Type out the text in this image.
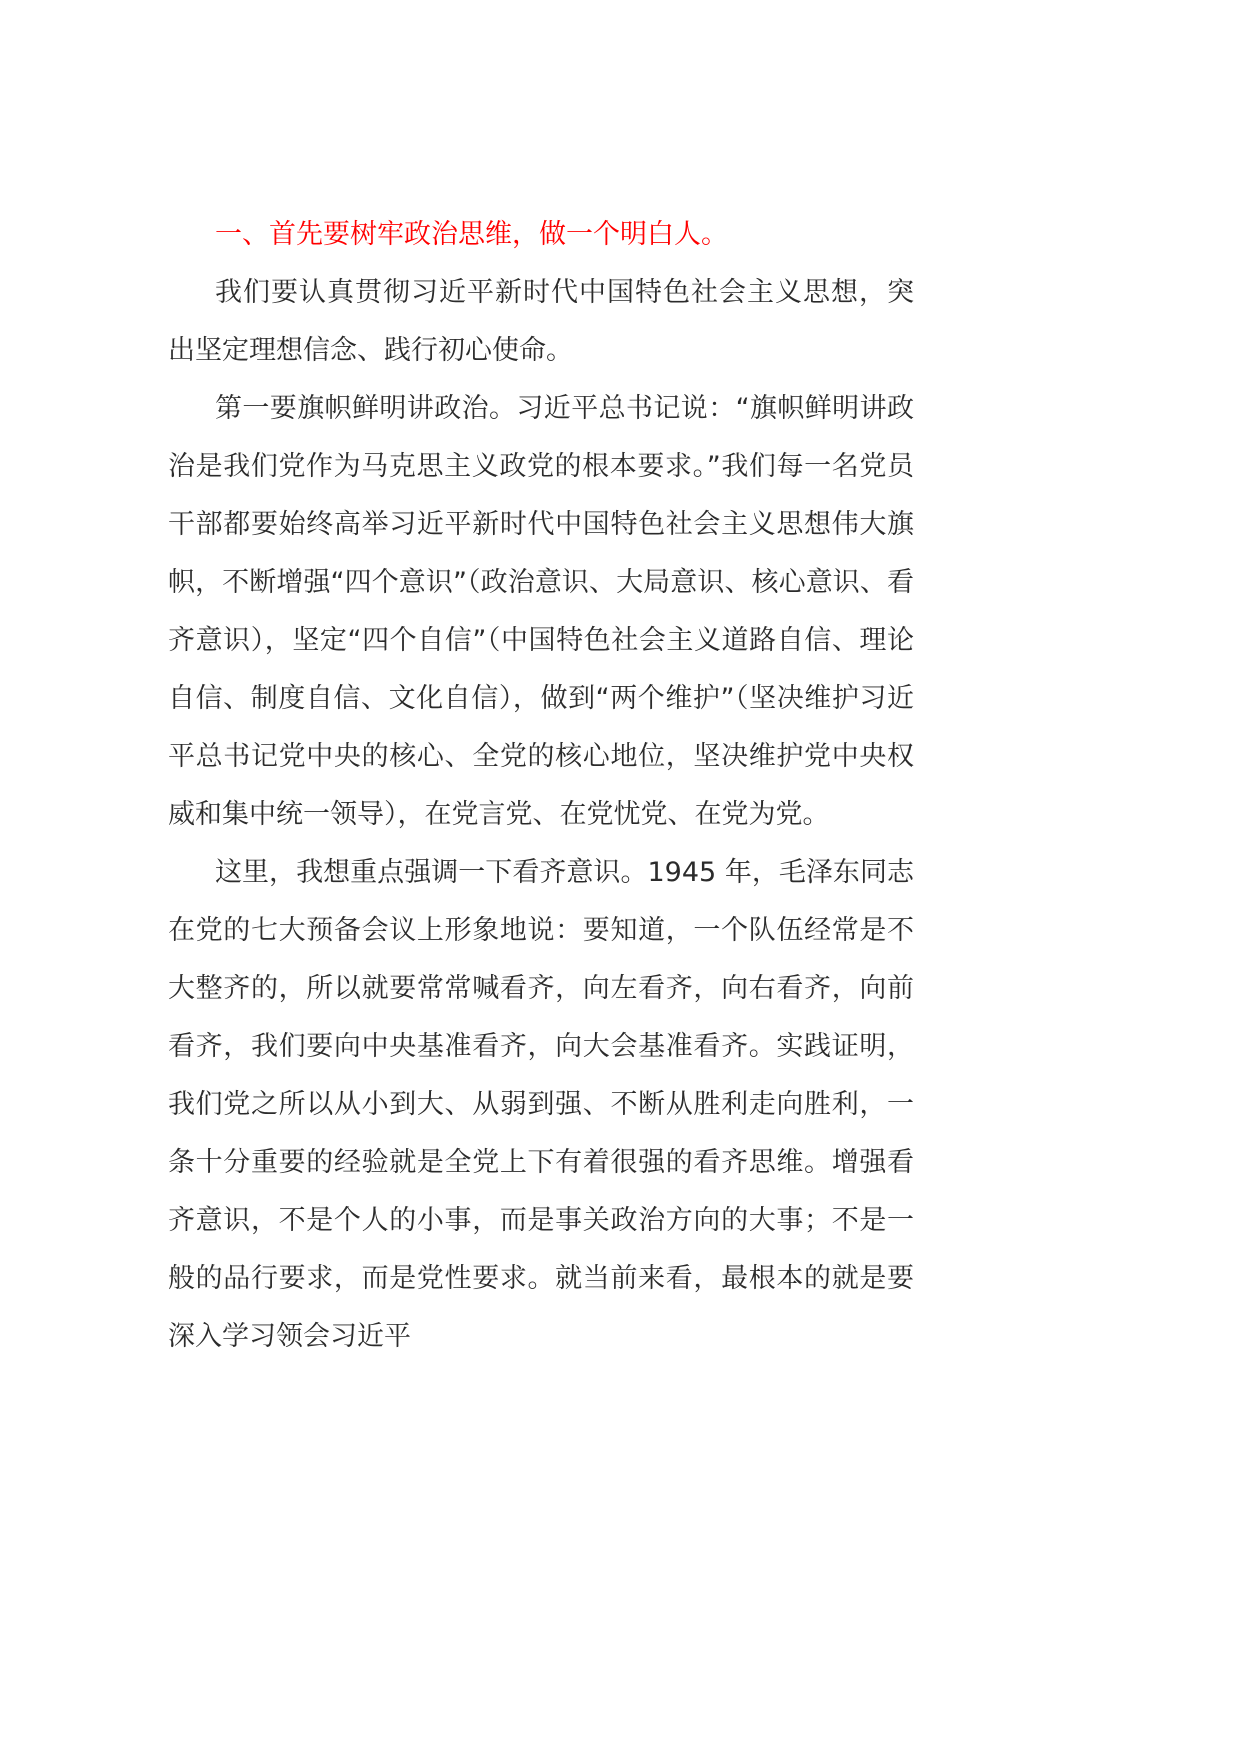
一、首先要树牢政治思维，做一个明白人。

我们要认真贯彻习近平新时代中国特色社会主义思想，突出坚定理想信念、践行初心使命。

第一要旗帜鲜明讲政治。习近平总书记说：“旗帜鲜明讲政治是我们党作为马克思主义政党的根本要求。”我们每一名党员干部都要始终高举习近平新时代中国特色社会主义思想伟大旗帜，不断增强“四个意识”（政治意识、大局意识、核心意识、看齐意识），坚定“四个自信”（中国特色社会主义道路自信、理论自信、制度自信、文化自信），做到“两个维护”（坚决维护习近平总书记党中央的核心、全党的核心地位，坚决维护党中央权威和集中统一领导），在党言党、在党忧党、在党为党。

这里，我想重点强调一下看齐意识。1945 年，毛泽东同志在党的七大预备会议上形象地说：要知道，一个队伍经常是不大整齐的，所以就要常常喊看齐，向左看齐，向右看齐，向前看齐，我们要向中央基准看齐，向大会基准看齐。实践证明，我们党之所以从小到大、从弱到强、不断从胜利走向胜利，一条十分重要的经验就是全党上下有着很强的看齐思维。增强看齐意识，不是个人的小事，而是事关政治方向的大事；不是一般的品行要求，而是党性要求。就当前来看，最根本的就是要深入学习领会习近平
